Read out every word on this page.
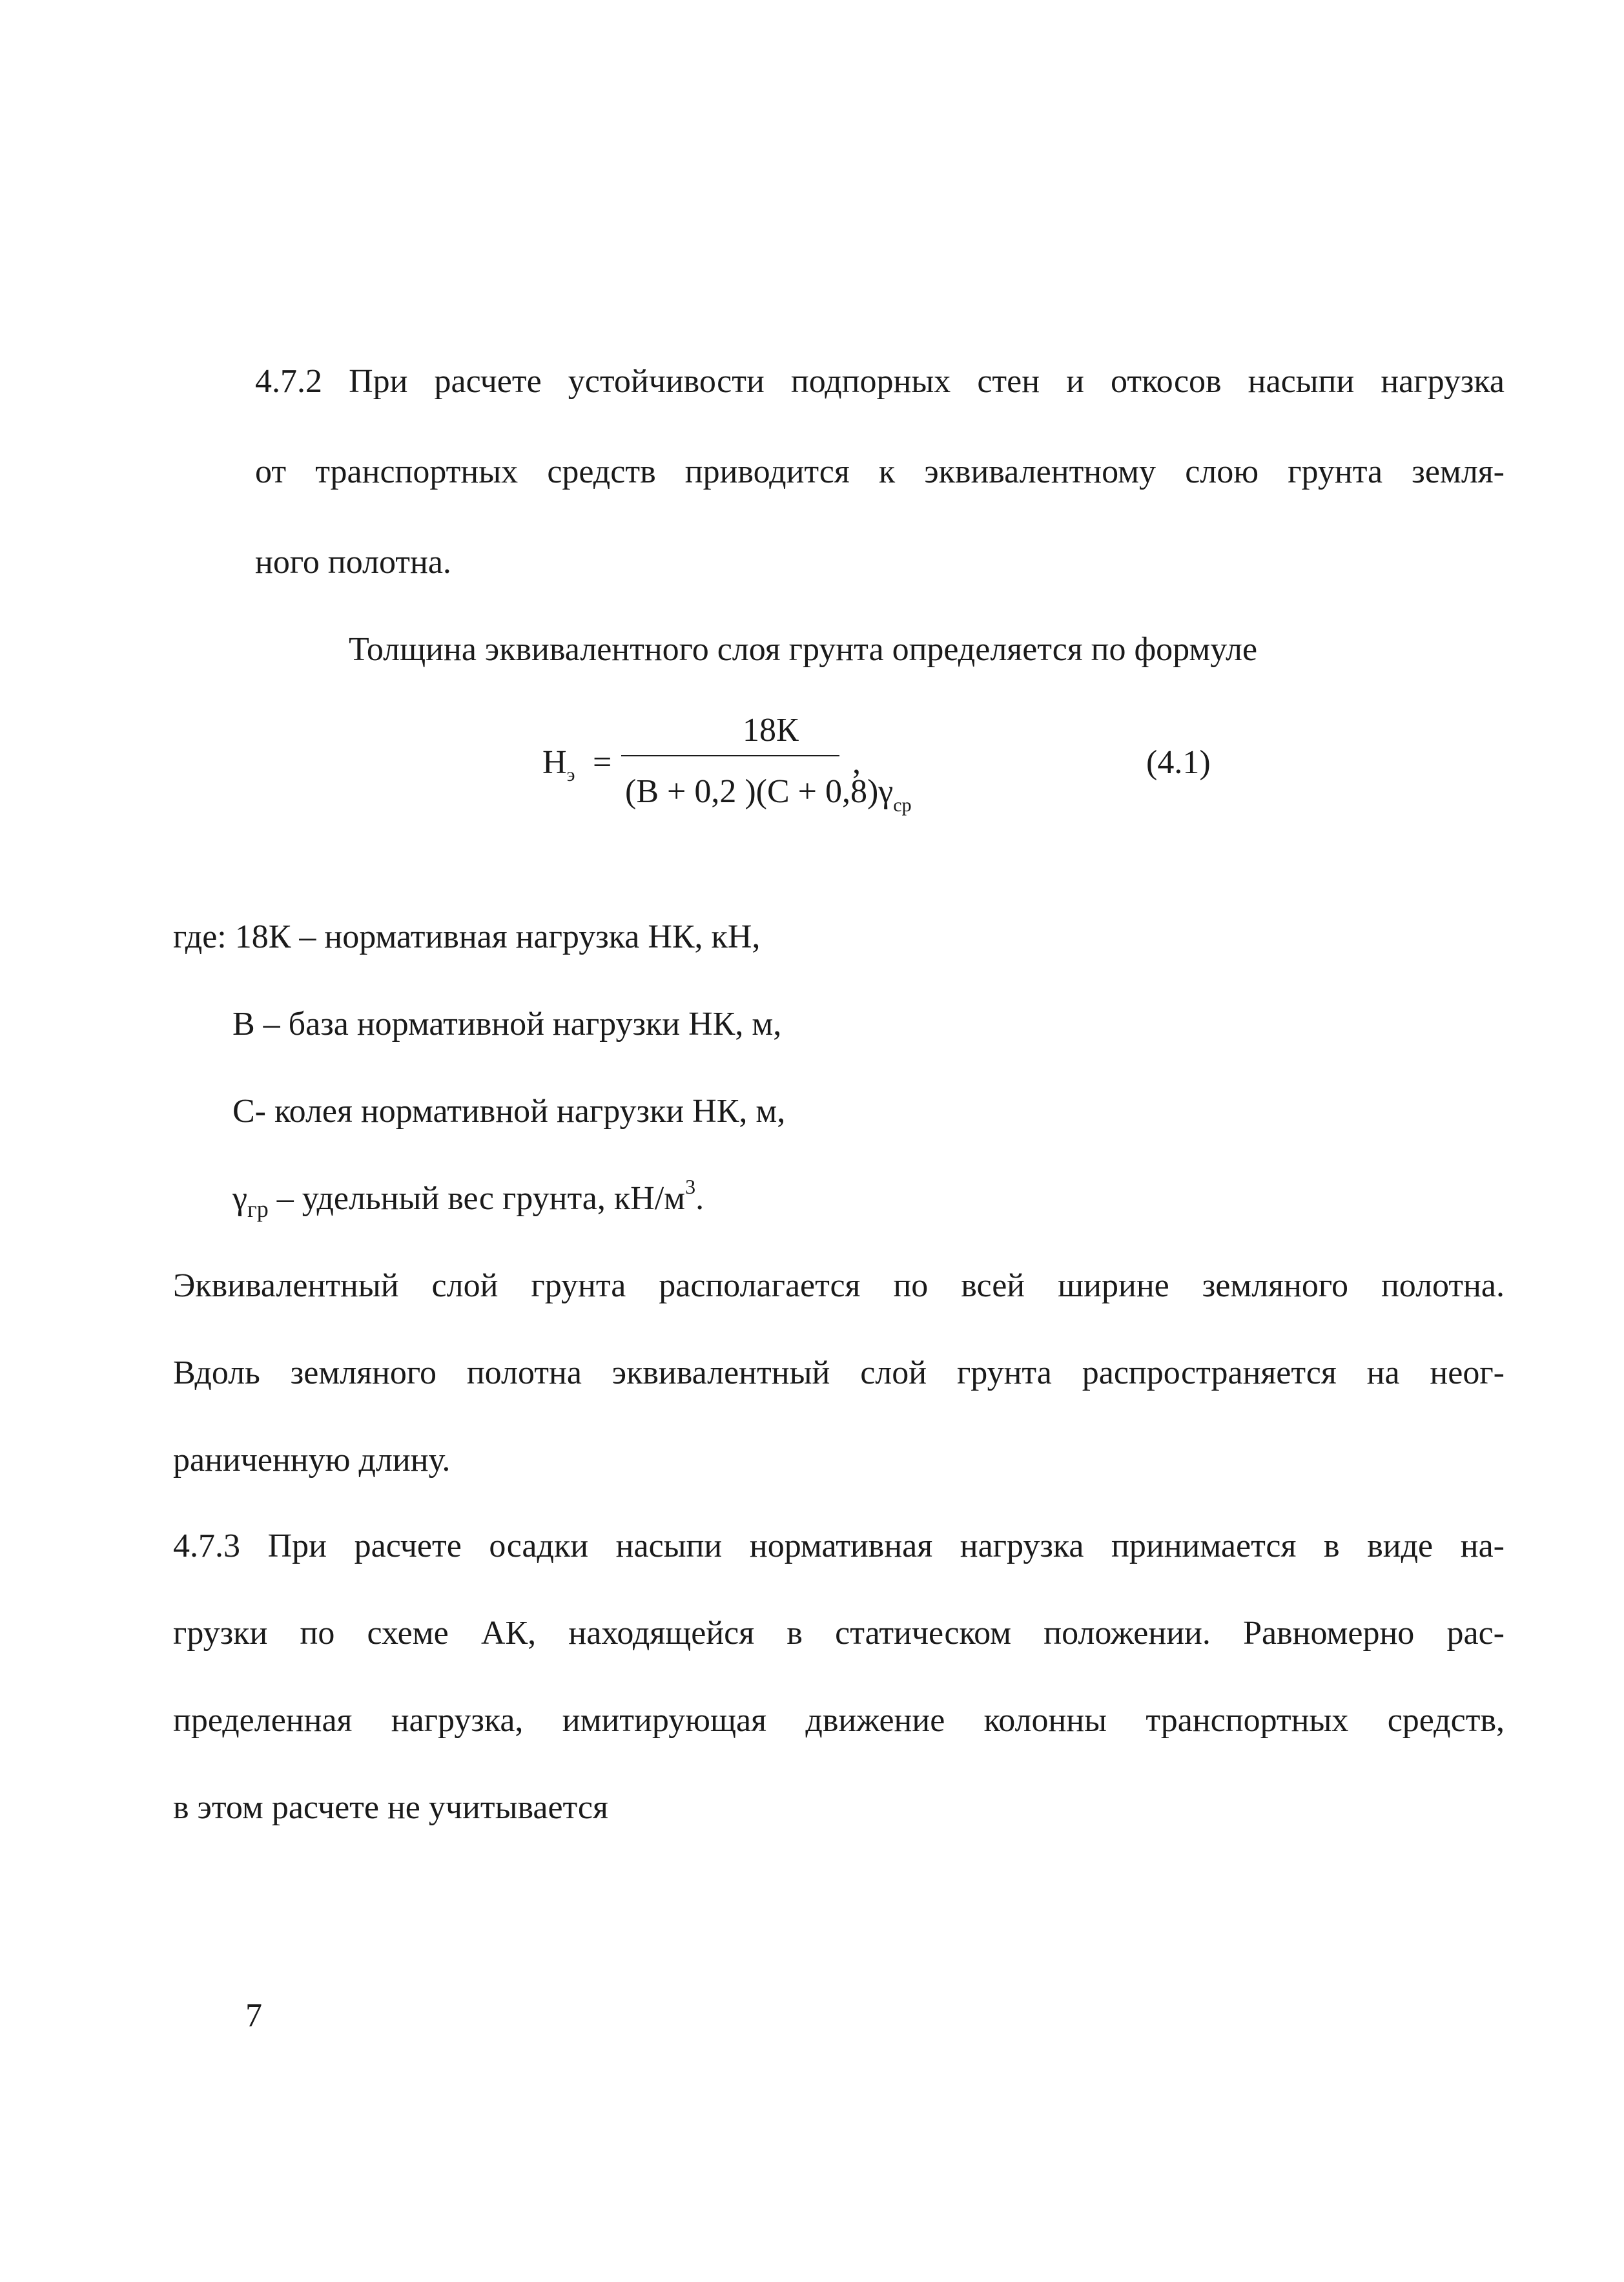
4.7.2 При расчете устойчивости подпорных стен и откосов насыпи нагрузка
от транспортных средств приводится к эквивалентному слою грунта земля-
ного полотна.
Толщина эквивалентного слоя грунта определяется по формуле
$Н_э$ =
18К
(В + 0,2 )$(С + 0,8)\gamma_{ср}$
,	(4.1)
где: 18К – нормативная нагрузка НК, кН,
В – база нормативной нагрузки НК, м,
С- колея нормативной нагрузки НК, м,
$\gamma_{гр}$ – удельный вес грунта, $кН/м^3$.
Эквивалентный слой грунта располагается по всей ширине земляного полотна.
Вдоль земляного полотна эквивалентный слой грунта распространяется на неог-
раниченную длину.
4.7.3 При расчете осадки насыпи нормативная нагрузка принимается в виде на-
грузки по схеме АК, находящейся в статическом положении. Равномерно рас-
пределенная нагрузка, имитирующая движение колонны транспортных средств,
в этом расчете не учитывается
7
